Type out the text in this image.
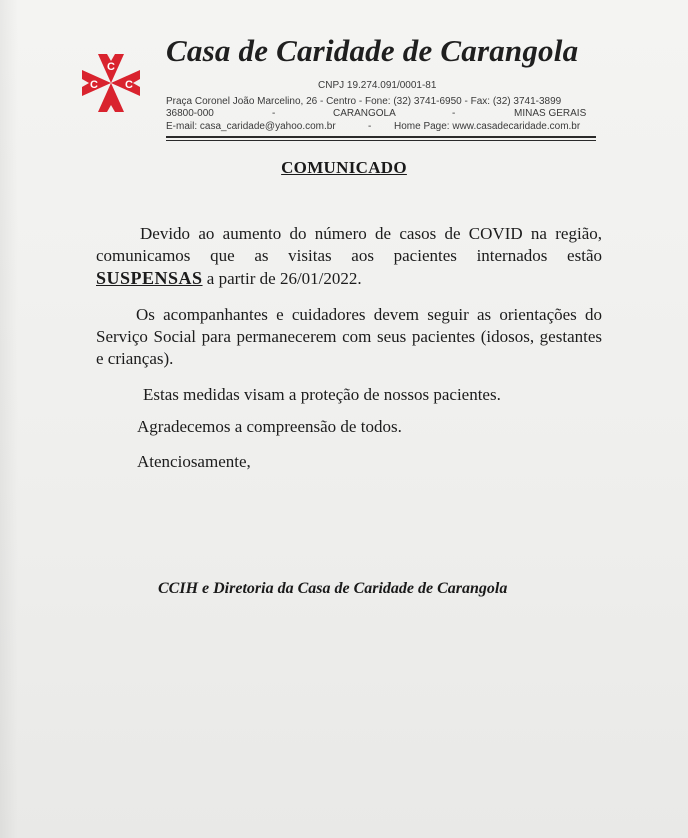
C
C	C
Casa de Caridade de Carangola
CNPJ 19.274.091/0001-81
Praça Coronel João Marcelino, 26 - Centro - Fone: (32) 3741-6950 - Fax: (32) 3741-3899
36800-000	-	CARANGOLA	-	MINAS GERAIS
E-mail: casa_caridade@yahoo.com.br	- Home Page: www.casadecaridade.com.br
COMUNICADO
Devido ao aumento do número de casos de COVID na região, comunicamos que as visitas aos pacientes internados estão SUSPENSAS a partir de 26/01/2022.
Os acompanhantes e cuidadores devem seguir as orientações do Serviço Social para permanecerem com seus pacientes (idosos, gestantes e crianças).
Estas medidas visam a proteção de nossos pacientes.
Agradecemos a compreensão de todos.
Atenciosamente,
CCIH e Diretoria da Casa de Caridade de Carangola
